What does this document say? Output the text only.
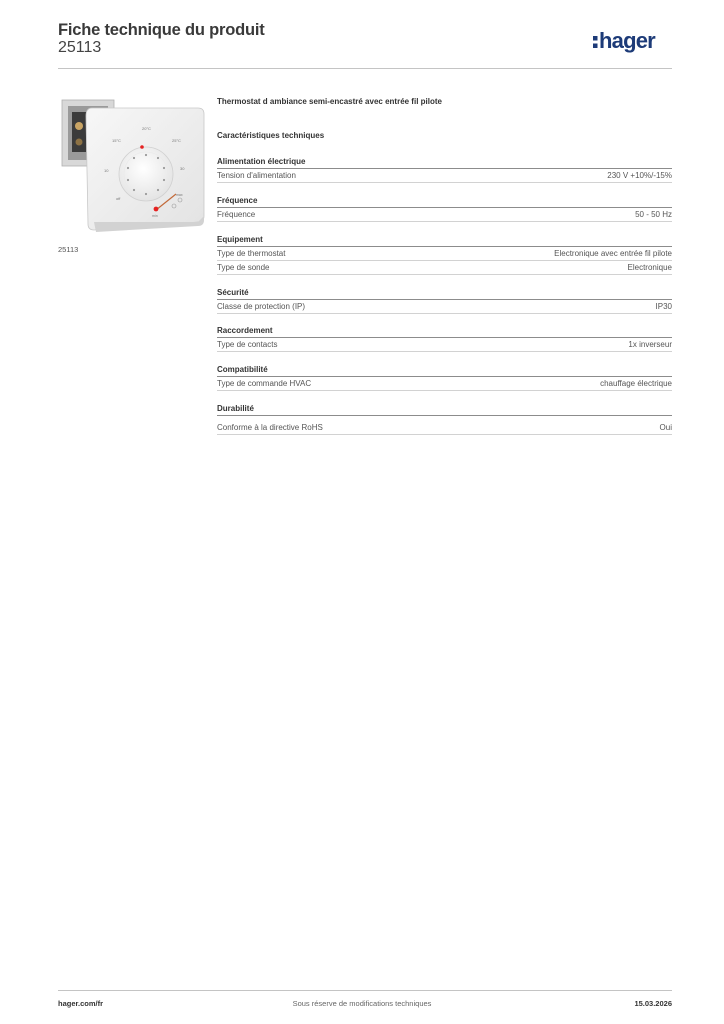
Fiche technique du produit
25113	hager
20°C
15°C	25°C
10	30
off
min
max
25113
Thermostat d ambiance semi-encastré avec entrée fil pilote
Caractéristiques techniques
Alimentation électrique
Tension d'alimentation	230 V +10%/-15%
Fréquence
Fréquence	50 - 50 Hz
Equipement
Type de thermostat	Electronique avec entrée fil pilote
Type de sonde	Electronique
Sécurité
Classe de protection (IP)	IP30
Raccordement
Type de contacts	1x inverseur
Compatibilité
Type de commande HVAC	chauffage électrique
Durabilité
Conforme à la directive RoHS	Oui
hager.com/fr	Sous réserve de modifications techniques	15.03.2026
